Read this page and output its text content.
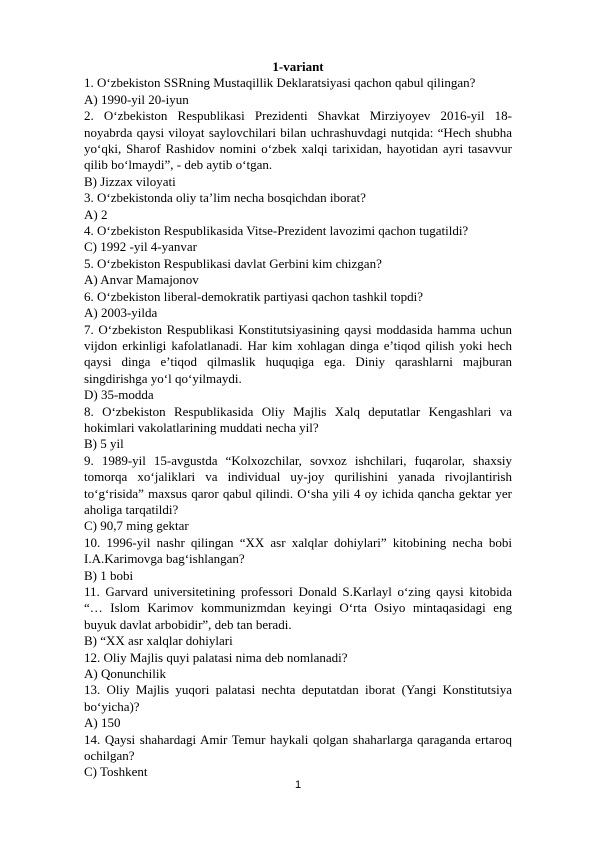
1-variant
1. O‘zbekiston SSRning Mustaqillik Deklaratsiyasi qachon qabul qilingan?
A) 1990-yil 20-iyun
2. O‘zbekiston Respublikasi Prezidenti Shavkat Mirziyoyev 2016-yil 18-noyabrda qaysi viloyat saylovchilari bilan uchrashuvdagi nutqida: “Hech shubha yo‘qki, Sharof Rashidov nomini o‘zbek xalqi tarixidan, hayotidan ayri tasavvur qilib bo‘lmaydi”, - deb aytib o‘tgan.
B) Jizzax viloyati
3. O‘zbekistonda oliy ta’lim necha bosqichdan iborat?
A) 2
4. O‘zbekiston Respublikasida Vitse-Prezident lavozimi qachon tugatildi?
C) 1992 -yil 4-yanvar
5. O‘zbekiston Respublikasi davlat Gerbini kim chizgan?
A) Anvar Mamajonov
6. O‘zbekiston liberal-demokratik partiyasi qachon tashkil topdi?
A) 2003-yilda
7. O‘zbekiston Respublikasi Konstitutsiyasining qaysi moddasida hamma uchun vijdon erkinligi kafolatlanadi. Har kim xohlagan dinga e’tiqod qilish yoki hech qaysi dinga e’tiqod qilmaslik huquqiga ega. Diniy qarashlarni majburan singdirishga yo‘l qo‘yilmaydi.
D) 35-modda
8. O‘zbekiston Respublikasida Oliy Majlis Xalq deputatlar Kengashlari va hokimlari vakolatlarining muddati necha yil?
B) 5 yil
9. 1989-yil 15-avgustda “Kolxozchilar, sovxoz ishchilari, fuqarolar, shaxsiy tomorqa xo‘jaliklari va individual uy-joy qurilishini yanada rivojlantirish to‘g‘risida” maxsus qaror qabul qilindi. O‘sha yili 4 oy ichida qancha gektar yer aholiga tarqatildi?
C) 90,7 ming gektar
10. 1996-yil nashr qilingan “XX asr xalqlar dohiylari” kitobining necha bobi I.A.Karimovga bag‘ishlangan?
B) 1 bobi
11. Garvard universitetining professori Donald S.Karlayl o‘zing qaysi kitobida “… Islom Karimov kommunizmdan keyingi O‘rta Osiyo mintaqasidagi eng buyuk davlat arbobidir”, deb tan beradi.
B) “XX asr xalqlar dohiylari
12. Oliy Majlis quyi palatasi nima deb nomlanadi?
A) Qonunchilik
13. Oliy Majlis yuqori palatasi nechta deputatdan iborat (Yangi Konstitutsiya bo‘yicha)?
A) 150
14. Qaysi shahardagi Amir Temur haykali qolgan shaharlarga qaraganda ertaroq ochilgan?
C) Toshkent
1
